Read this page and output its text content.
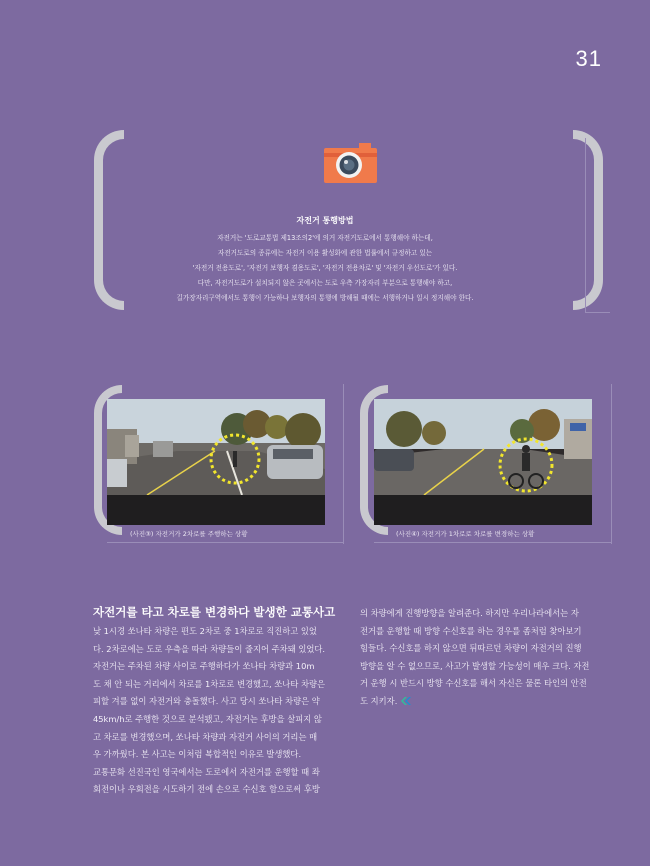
31
자전거 통행방법
자전거는 '도로교통법 제13조의2'에 의거 자전거도로에서 통행해야 하는데,
자전거도로의 종류에는 자전거 이용 활성화에 관한 법률에서 규정하고 있는
'자전거 전용도로', '자전거 보행자 겸용도로', '자전거 전용차로' 및 '자전거 우선도로'가 있다.
다만, 자전거도로가 설치되지 않은 곳에서는 도로 우측 가장자리 부분으로 통행해야 하고,
길가장자리구역에서도 통행이 가능하나 보행자의 통행에 방해될 때에는 서행하거나 일시 정지해야 한다.
(사진③) 자전거가 2차로를 주행하는 상황	(사진④) 자전거가 1차로로 차로를 변경하는 상황
자전거를 타고 차로를 변경하다 발생한 교통사고

낮 1시경 쏘나타 차량은 편도 2차로 중 1차로로 직진하고 있었

다. 2차로에는 도로 우측을 따라 차량들이 줄지어 주차돼 있었다.

자전거는 주차된 차량 사이로 주행하다가 쏘나타 차량과 10m

도 채 안 되는 거리에서 차로를 1차로로 변경했고, 쏘나타 차량은

피할 겨를 없이 자전거와 충돌했다. 사고 당시 쏘나타 차량은 약

45km/h로 주행한 것으로 분석됐고, 자전거는 후방을 살피지 않

고 차로를 변경했으며, 쏘나타 차량과 자전거 사이의 거리는 매

우 가까웠다. 본 사고는 이처럼 복합적인 이유로 발생했다.

교통문화 선진국인 영국에서는 도로에서 자전거를 운행할 때 좌

회전이나 우회전을 시도하기 전에 손으로 수신호 함으로써 후방

의 차량에게 진행방향을 알려준다. 하지만 우리나라에서는 자

전거를 운행할 때 방향 수신호를 하는 경우를 좀처럼 찾아보기

힘들다. 수신호를 하지 않으면 뒤따르던 차량이 자전거의 진행

방향을 알 수 없으므로, 사고가 발생할 가능성이 매우 크다. 자전

거 운행 시 반드시 방향 수신호를 해서 자신은 물론 타인의 안전

도 지키자.
